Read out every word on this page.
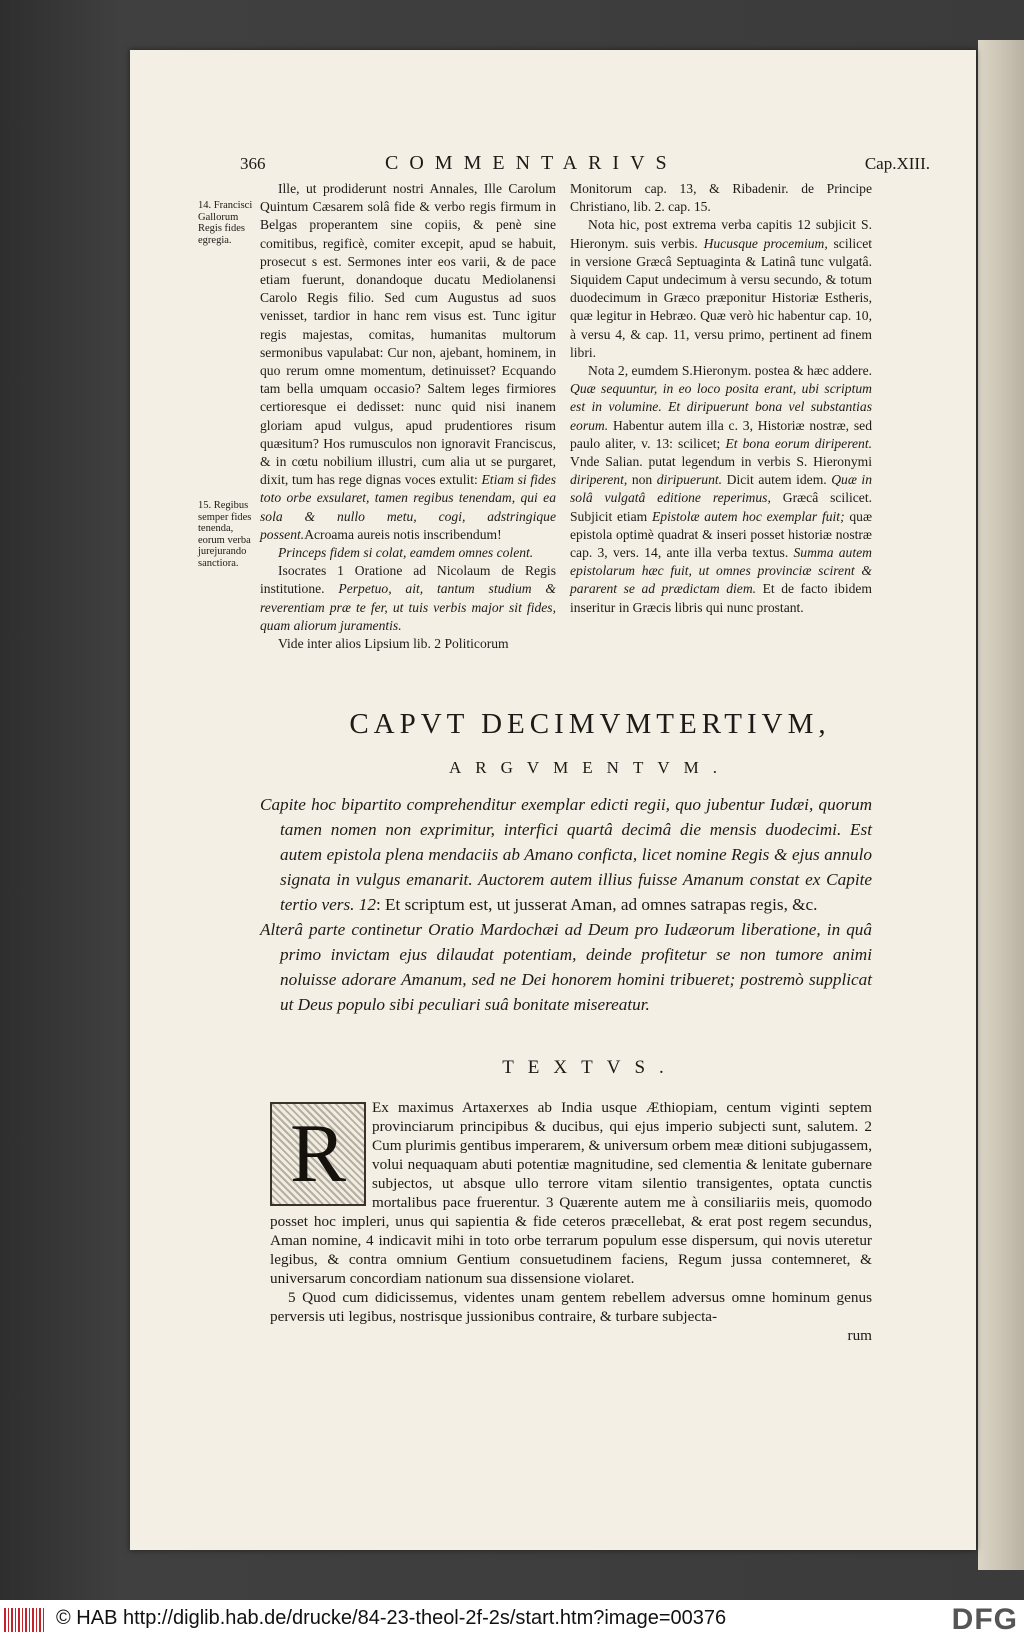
366	COMMENTARIVS	Cap.XIII.
14. Francisci Gallorum Regis fides egregia.
15. Regibus semper fides tenenda, eorum verba jurejurando sanctiora.

Ille, ut prodiderunt nostri Annales, Ille Carolum Quintum Cæsarem solâ fide & verbo regis firmum in Belgas properantem sine copiis, & penè sine comitibus, regificè, comiter excepit, apud se habuit, prosecut s est. Sermones inter eos varii, & de pace etiam fuerunt, donandoque ducatu Mediolanensi Carolo Regis filio. Sed cum Augustus ad suos venisset, tardior in hanc rem visus est. Tunc igitur regis majestas, comitas, humanitas multorum sermonibus vapulabat: Cur non, ajebant, hominem, in quo rerum omne momentum, detinuisset? Ecquando tam bella umquam occasio? Saltem leges firmiores certioresque ei dedisset: nunc quid nisi inanem gloriam apud vulgus, apud prudentiores risum quæsitum? Hos rumusculos non ignoravit Franciscus, & in cœtu nobilium illustri, cum alia ut se purgaret, dixit, tum has rege dignas voces extulit: Etiam si fides toto orbe exsularet, tamen regibus tenendam, qui ea sola & nullo metu, cogi, adstringique possent.Acroama aureis notis inscribendum!

Princeps fidem si colat, eamdem omnes colent.

Isocrates 1 Oratione ad Nicolaum de Regis institutione. Perpetuo, ait, tantum studium & reverentiam præ te fer, ut tuis verbis major sit fides, quam aliorum juramentis.

Vide inter alios Lipsium lib. 2 Politicorum

Monitorum cap. 13, & Ribadenir. de Principe Christiano, lib. 2. cap. 15.

Nota hic, post extrema verba capitis 12 subjicit S. Hieronym. suis verbis. Hucusque procemium, scilicet in versione Græcâ Septuaginta & Latinâ tunc vulgatâ. Siquidem Caput undecimum à versu secundo, & totum duodecimum in Græco præponitur Historiæ Estheris, quæ legitur in Hebræo. Quæ verò hic habentur cap. 10, à versu 4, & cap. 11, versu primo, pertinent ad finem libri.

Nota 2, eumdem S.Hieronym. postea & hæc addere. Quæ sequuntur, in eo loco posita erant, ubi scriptum est in volumine. Et diripuerunt bona vel substantias eorum. Habentur autem illa c. 3, Historiæ nostræ, sed paulo aliter, v. 13: scilicet; Et bona eorum diriperent. Vnde Salian. putat legendum in verbis S. Hieronymi diriperent, non diripuerunt. Dicit autem idem. Quæ in solâ vulgatâ editione reperimus, Græcâ scilicet. Subjicit etiam Epistolæ autem hoc exemplar fuit; quæ epistola optimè quadrat & inseri posset historiæ nostræ cap. 3, vers. 14, ante illa verba textus. Summa autem epistolarum hæc fuit, ut omnes provinciæ scirent & pararent se ad prædictam diem. Et de facto ibidem inseritur in Græcis libris qui nunc prostant.

CAPVT DECIMVMTERTIVM,
ARGVMENTVM.

Capite hoc bipartito comprehenditur exemplar edicti regii, quo jubentur Iudæi, quorum tamen nomen non exprimitur, interfici quartâ decimâ die mensis duodecimi. Est autem epistola plena mendaciis ab Amano conficta, licet nomine Regis & ejus annulo signata in vulgus emanarit. Auctorem autem illius fuisse Amanum constat ex Capite tertio vers. 12: Et scriptum est, ut jusserat Aman, ad omnes satrapas regis, &c.

Alterâ parte continetur Oratio Mardochæi ad Deum pro Iudæorum liberatione, in quâ primo invictam ejus dilaudat potentiam, deinde profitetur se non tumore animi noluisse adorare Amanum, sed ne Dei honorem homini tribueret; postremò supplicat ut Deus populo sibi peculiari suâ bonitate misereatur.

TEXTVS.
R	Ex maximus Artaxerxes ab India usque Æthiopiam, centum viginti septem provinciarum principibus & ducibus, qui ejus imperio subjecti sunt, salutem. 2 Cum plurimis gentibus imperarem, & universum orbem meæ ditioni subjugassem, volui nequaquam abuti potentiæ magnitudine, sed clementia & lenitate gubernare subjectos, ut absque ullo terrore vitam silentio transigentes, optata cunctis mortalibus pace fruerentur. 3 Quærente autem me à consiliariis meis, quomodo posset hoc impleri, unus qui sapientia & fide ceteros præcellebat, & erat post regem secundus, Aman nomine, 4 indicavit mihi in toto orbe terrarum populum esse dispersum, qui novis uteretur legibus, & contra omnium Gentium consuetudinem faciens, Regum jussa contemneret, & universarum concordiam nationum sua dissensione violaret.

5 Quod cum didicissemus, videntes unam gentem rebellem adversus omne hominum genus perversis uti legibus, nostrisque jussionibus contraire, & turbare subjecta-

rum

© HAB http://diglib.hab.de/drucke/84-23-theol-2f-2s/start.htm?image=00376	DFG
